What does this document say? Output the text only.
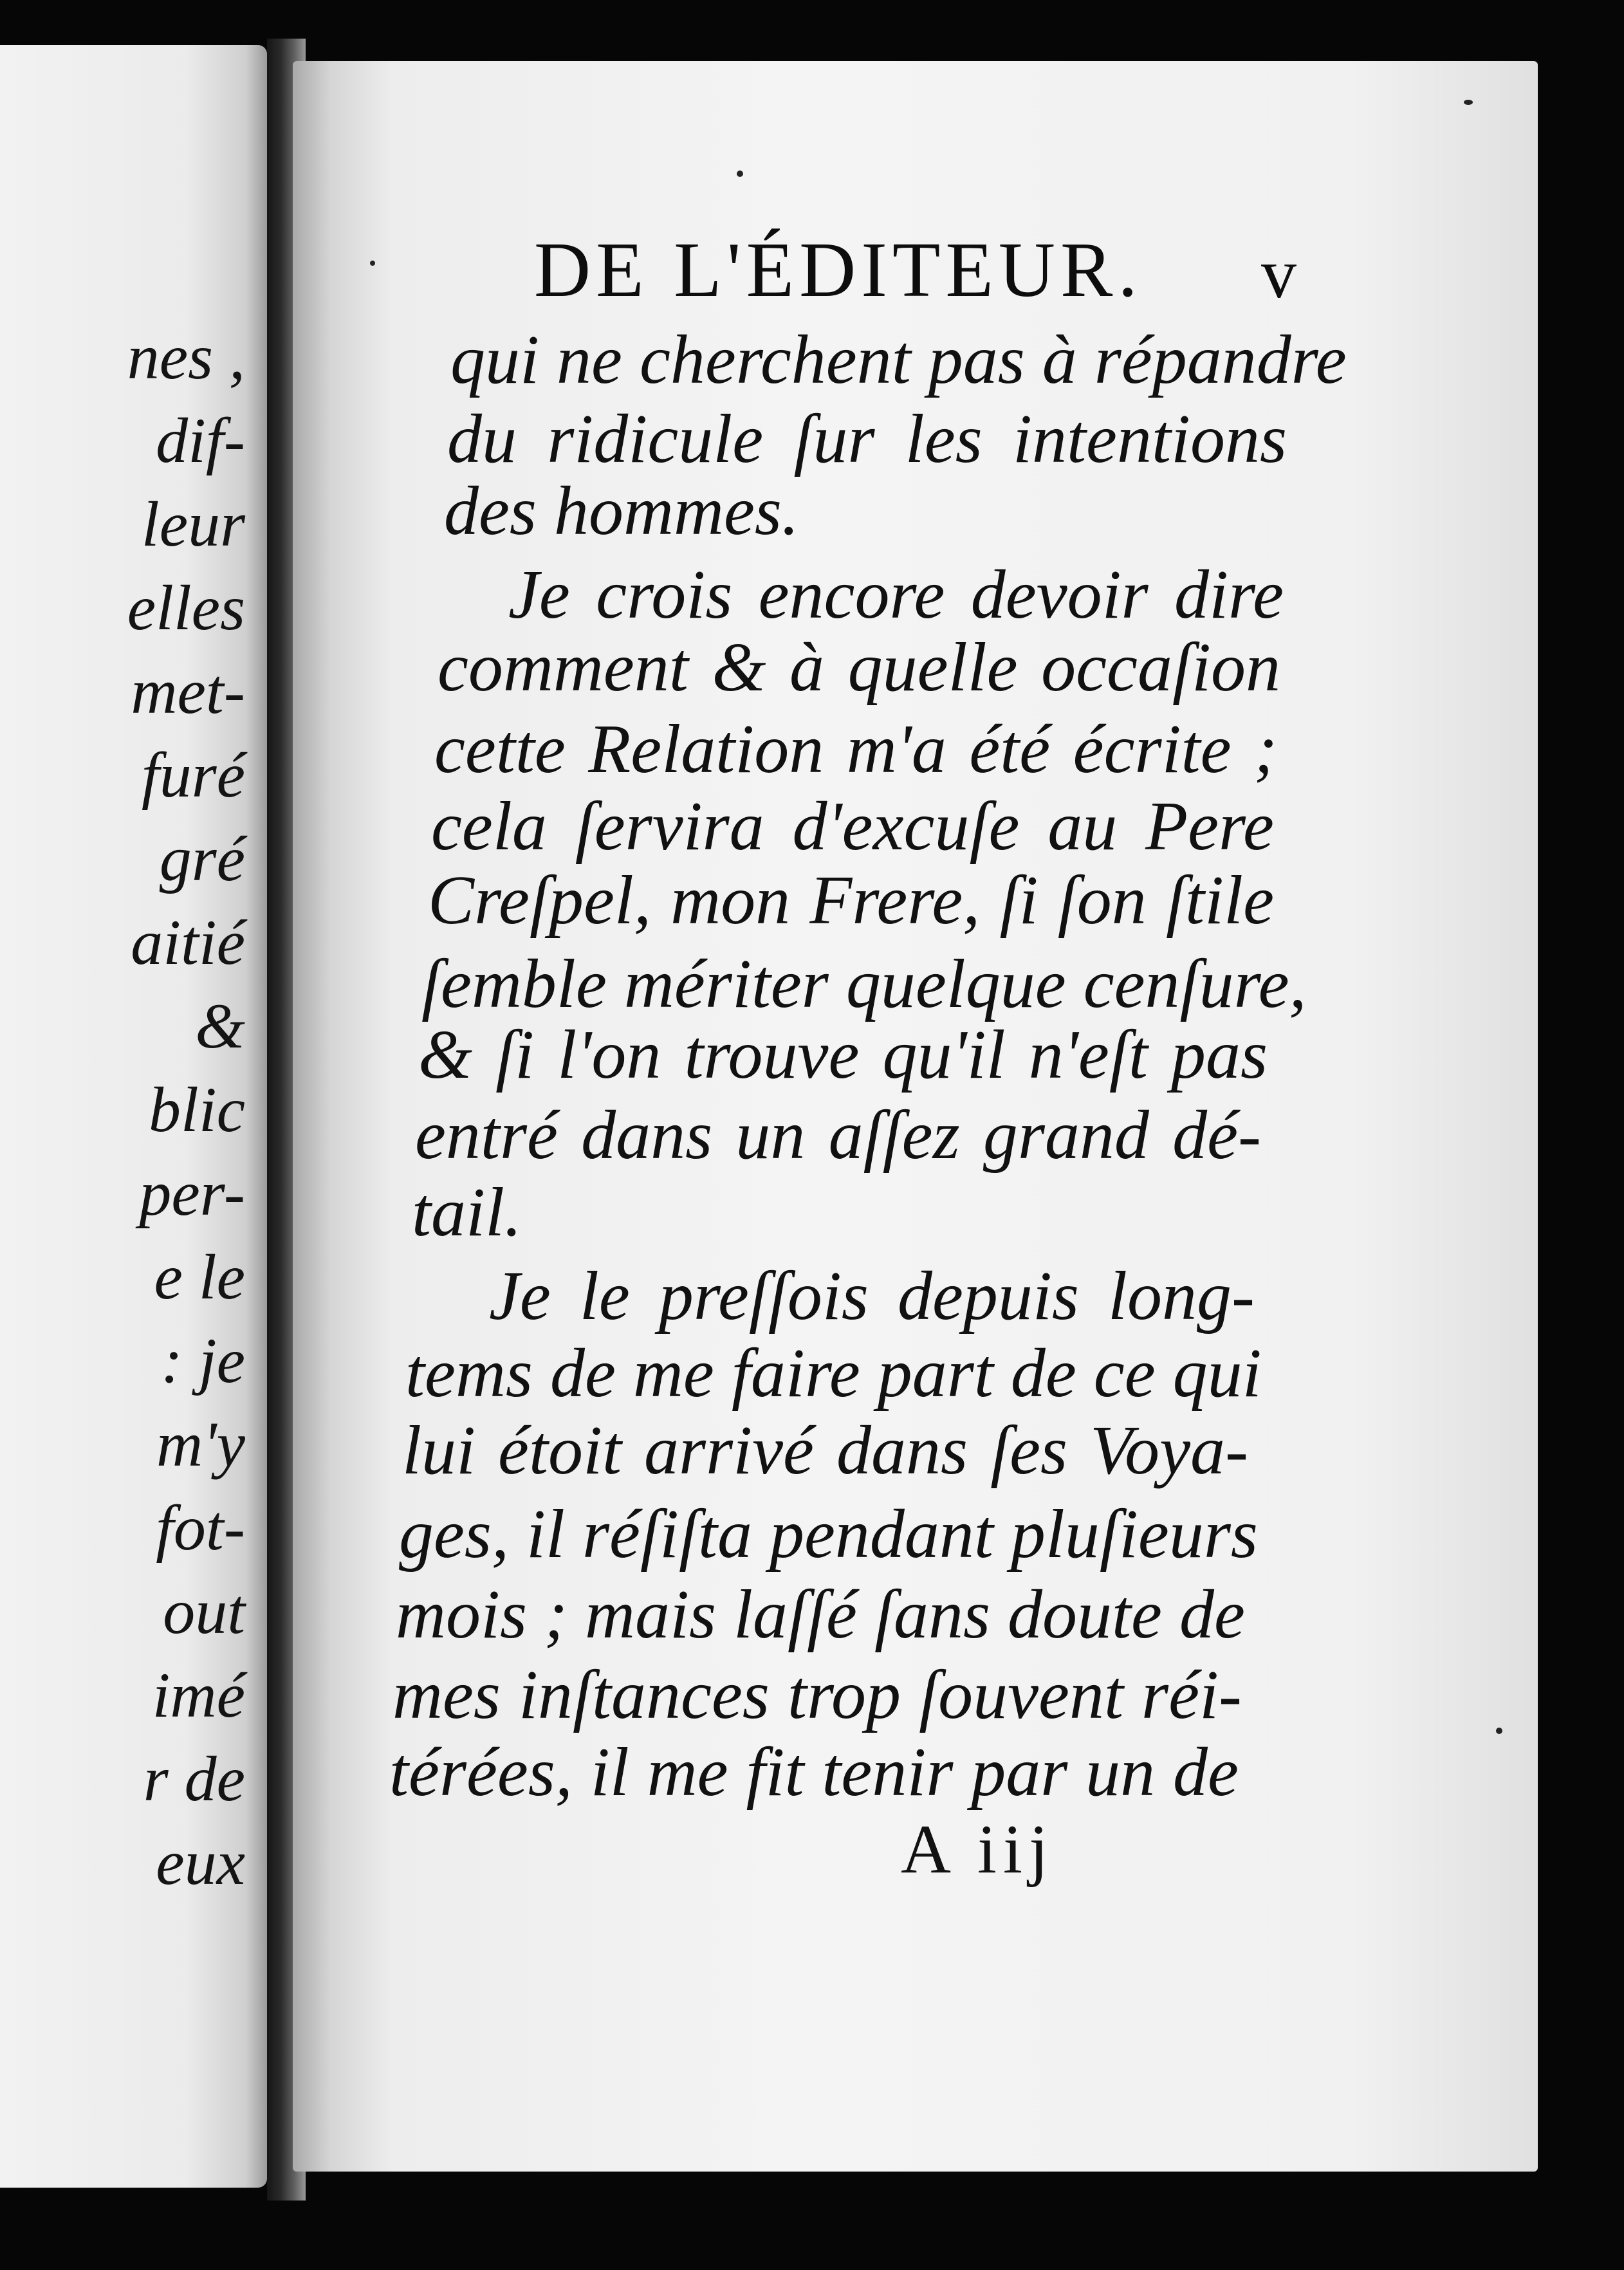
nes ,
dif-
leur
elles
met-
furé
gré
aitié
&
blic
per-
e le
: je
m'y
fot-
out
imé
r de
eux
DE L'ÉDITEUR. v
qui ne cherchent pas à répandre
du ridicule ſur les intentions
des hommes.
Je crois encore devoir dire
comment & à quelle occaſion
cette Relation m'a été écrite ;
cela ſervira d'excuſe au Pere
Creſpel, mon Frere, ſi ſon ſtile
ſemble mériter quelque cenſure,
& ſi l'on trouve qu'il n'eſt pas
entré dans un aſſez grand dé-
tail.
Je le preſſois depuis long-
tems de me faire part de ce qui
lui étoit arrivé dans ſes Voya-
ges, il réſiſta pendant pluſieurs
mois ; mais laſſé ſans doute de
mes inſtances trop ſouvent réi-
térées, il me fit tenir par un de
A iij
